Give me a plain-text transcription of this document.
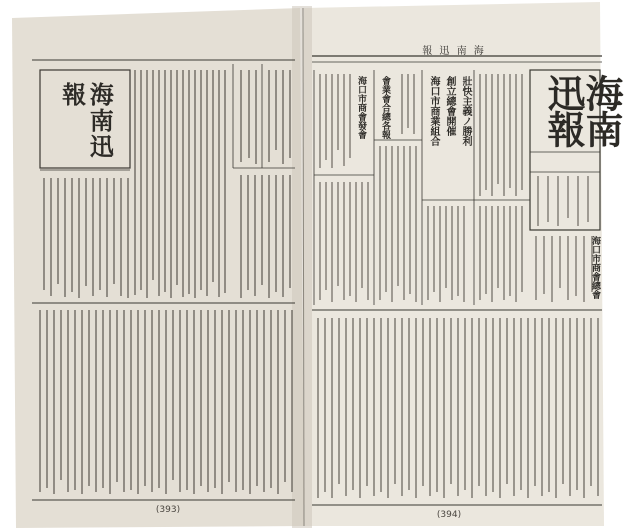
海南迅報
(393)
報 迅 南 海
海南迅報
海口市商會發會 會業會合總各報	海口市商業組合 創立總會開催 壯快主義ノ勝利
海口市商會總會
(394)
